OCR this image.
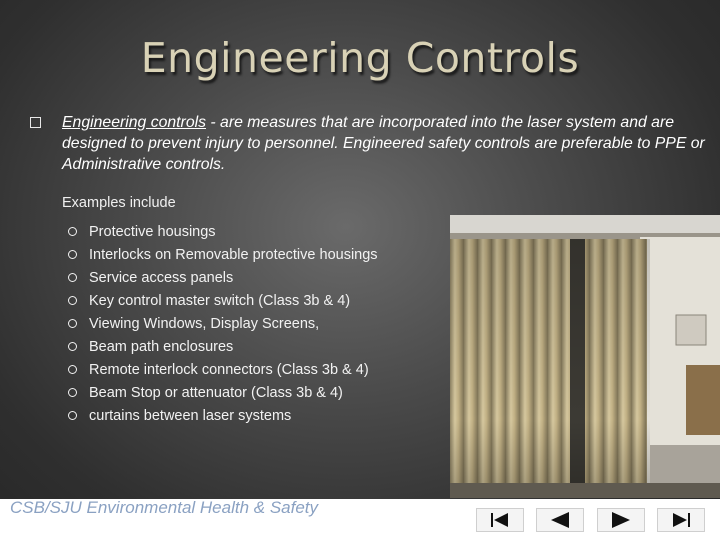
Engineering Controls
Engineering controls - are measures that are incorporated into the laser system and are designed to prevent injury to personnel. Engineered safety controls are preferable to PPE or Administrative controls.
Examples include
Protective housings
Interlocks on Removable protective housings
Service access panels
Key control master switch (Class 3b & 4)
Viewing Windows, Display Screens,
Beam path enclosures
Remote interlock connectors (Class 3b & 4)
Beam Stop or attenuator (Class 3b & 4)
curtains between laser systems
CSB/SJU Environmental Health & Safety
